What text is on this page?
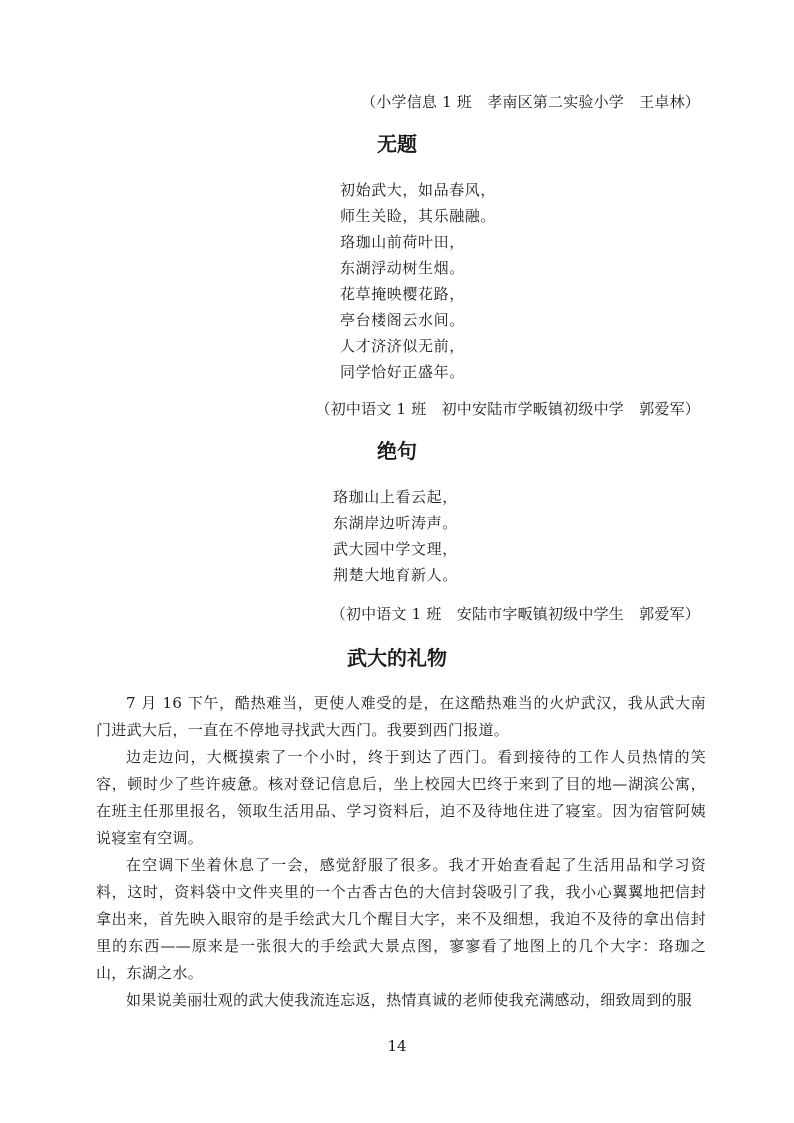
（小学信息 1 班　孝南区第二实验小学　王卓林）
无题
初始武大，如品春风，
师生关睑，其乐融融。
珞珈山前荷叶田，
东湖浮动树生烟。
花草掩映樱花路，
亭台楼阁云水间。
人才济济似无前，
同学恰好正盛年。
（初中语文 1 班　初中安陆市学畈镇初级中学　郭爱军）
绝句
珞珈山上看云起，
东湖岸边听涛声。
武大园中学文理，
荆楚大地育新人。
（初中语文 1 班　安陆市字畈镇初级中学生　郭爱军）
武大的礼物

7 月 16 下午，酷热难当，更使人难受的是，在这酷热难当的火炉武汉，我从武大南门进武大后，一直在不停地寻找武大西门。我要到西门报道。

边走边问，大概摸索了一个小时，终于到达了西门。看到接待的工作人员热情的笑容，顿时少了些许疲惫。核对登记信息后，坐上校园大巴终于来到了目的地—湖滨公寓，在班主任那里报名，领取生活用品、学习资料后，迫不及待地住进了寝室。因为宿管阿姨说寝室有空调。

在空调下坐着休息了一会，感觉舒服了很多。我才开始查看起了生活用品和学习资料，这时，资料袋中文件夹里的一个古香古色的大信封袋吸引了我，我小心翼翼地把信封拿出来，首先映入眼帘的是手绘武大几个醒目大字，来不及细想，我迫不及待的拿出信封里的东西——原来是一张很大的手绘武大景点图，寥寥看了地图上的几个大字：珞珈之山，东湖之水。

如果说美丽壮观的武大使我流连忘返，热情真诚的老师使我充满感动，细致周到的服

14
